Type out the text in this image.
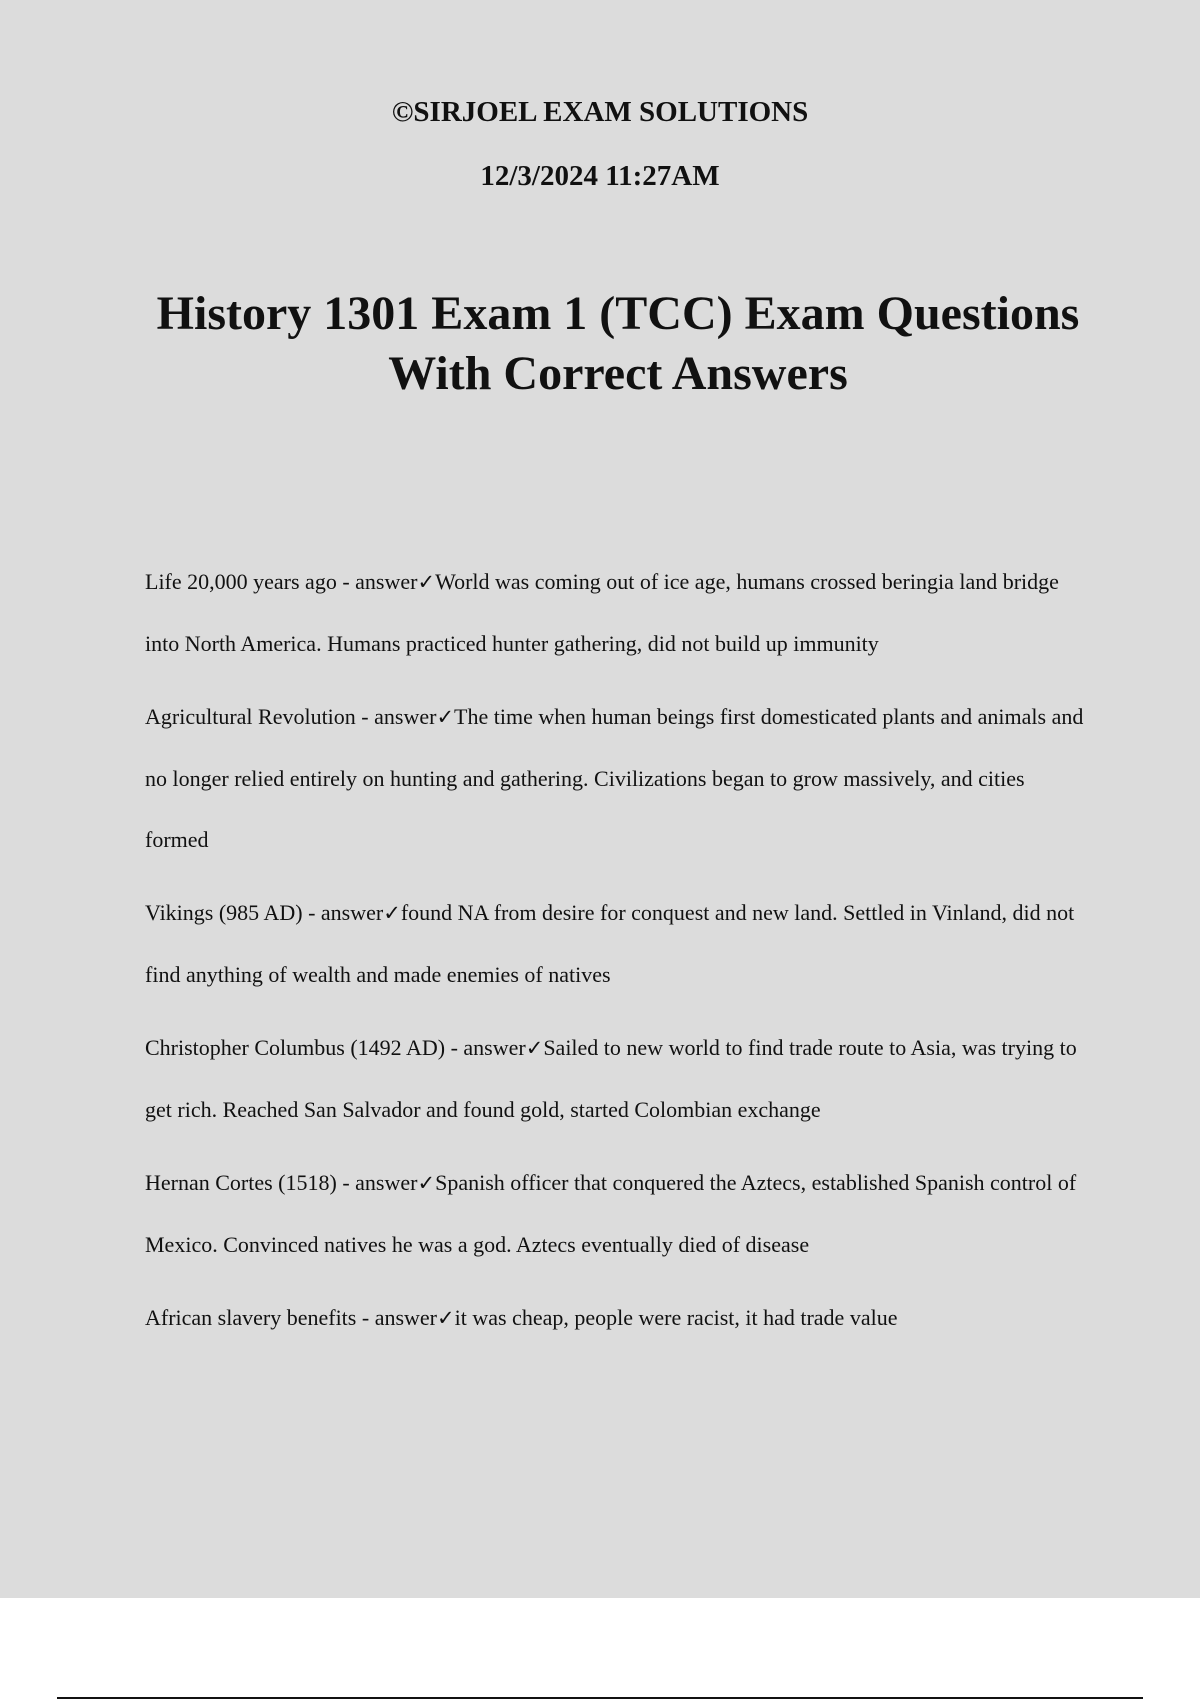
©SIRJOEL EXAM SOLUTIONS

12/3/2024 11:27AM

History 1301 Exam 1 (TCC) Exam Questions With Correct Answers
Life 20,000 years ago - answer✓World was coming out of ice age, humans crossed beringia land bridge into North America. Humans practiced hunter gathering, did not build up immunity
Agricultural Revolution - answer✓The time when human beings first domesticated plants and animals and no longer relied entirely on hunting and gathering. Civilizations began to grow massively, and cities formed
Vikings (985 AD) - answer✓found NA from desire for conquest and new land. Settled in Vinland, did not find anything of wealth and made enemies of natives
Christopher Columbus (1492 AD) - answer✓Sailed to new world to find trade route to Asia, was trying to get rich. Reached San Salvador and found gold, started Colombian exchange
Hernan Cortes (1518) - answer✓Spanish officer that conquered the Aztecs, established Spanish control of Mexico. Convinced natives he was a god. Aztecs eventually died of disease
African slavery benefits - answer✓it was cheap, people were racist, it had trade value
